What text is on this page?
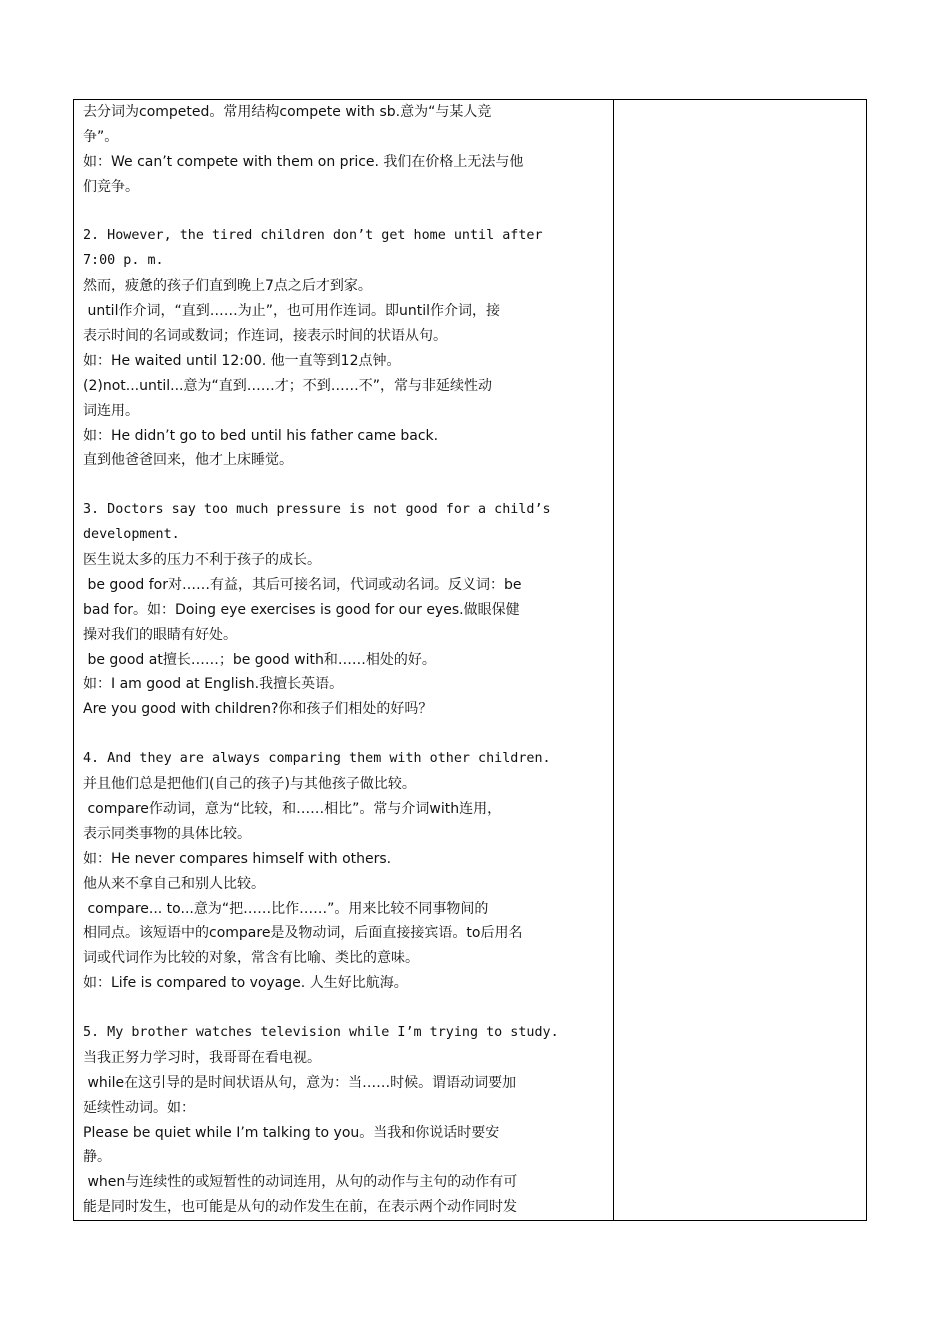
去分词为competed。常用结构compete with sb.意为“与某人竞
争”。
如：We can’t compete with them on price. 我们在价格上无法与他
们竞争。
2. However, the tired children don’t get home until after
7:00 p. m.
然而，疲惫的孩子们直到晚上7点之后才到家。
until作介词，“直到……为止”，也可用作连词。即until作介词，接
表示时间的名词或数词；作连词，接表示时间的状语从句。
如：He waited until 12:00. 他一直等到12点钟。
(2)not...until...意为“直到……才；不到……不”，常与非延续性动
词连用。
如：He didn’t go to bed until his father came back.
直到他爸爸回来，他才上床睡觉。
3. Doctors say too much pressure is not good for a child’s
development.
医生说太多的压力不利于孩子的成长。
be good for对……有益，其后可接名词，代词或动名词。反义词：be
bad for。如：Doing eye exercises is good for our eyes.做眼保健
操对我们的眼睛有好处。
be good at擅长……；be good with和……相处的好。
如：I am good at English.我擅长英语。
Are you good with children?你和孩子们相处的好吗？
4. And they are always comparing them with other children.
并且他们总是把他们(自己的孩子)与其他孩子做比较。
compare作动词，意为“比较，和……相比”。常与介词with连用，
表示同类事物的具体比较。
如：He never compares himself with others.
他从来不拿自己和别人比较。
compare... to...意为“把……比作……”。用来比较不同事物间的
相同点。该短语中的compare是及物动词，后面直接接宾语。to后用名
词或代词作为比较的对象，常含有比喻、类比的意味。
如：Life is compared to voyage. 人生好比航海。
5. My brother watches television while I’m trying to study.
当我正努力学习时，我哥哥在看电视。
while在这引导的是时间状语从句，意为：当……时候。谓语动词要加
延续性动词。如：
Please be quiet while I’m talking to you。当我和你说话时要安
静。
when与连续性的或短暂性的动词连用，从句的动作与主句的动作有可
能是同时发生，也可能是从句的动作发生在前，在表示两个动作同时发
